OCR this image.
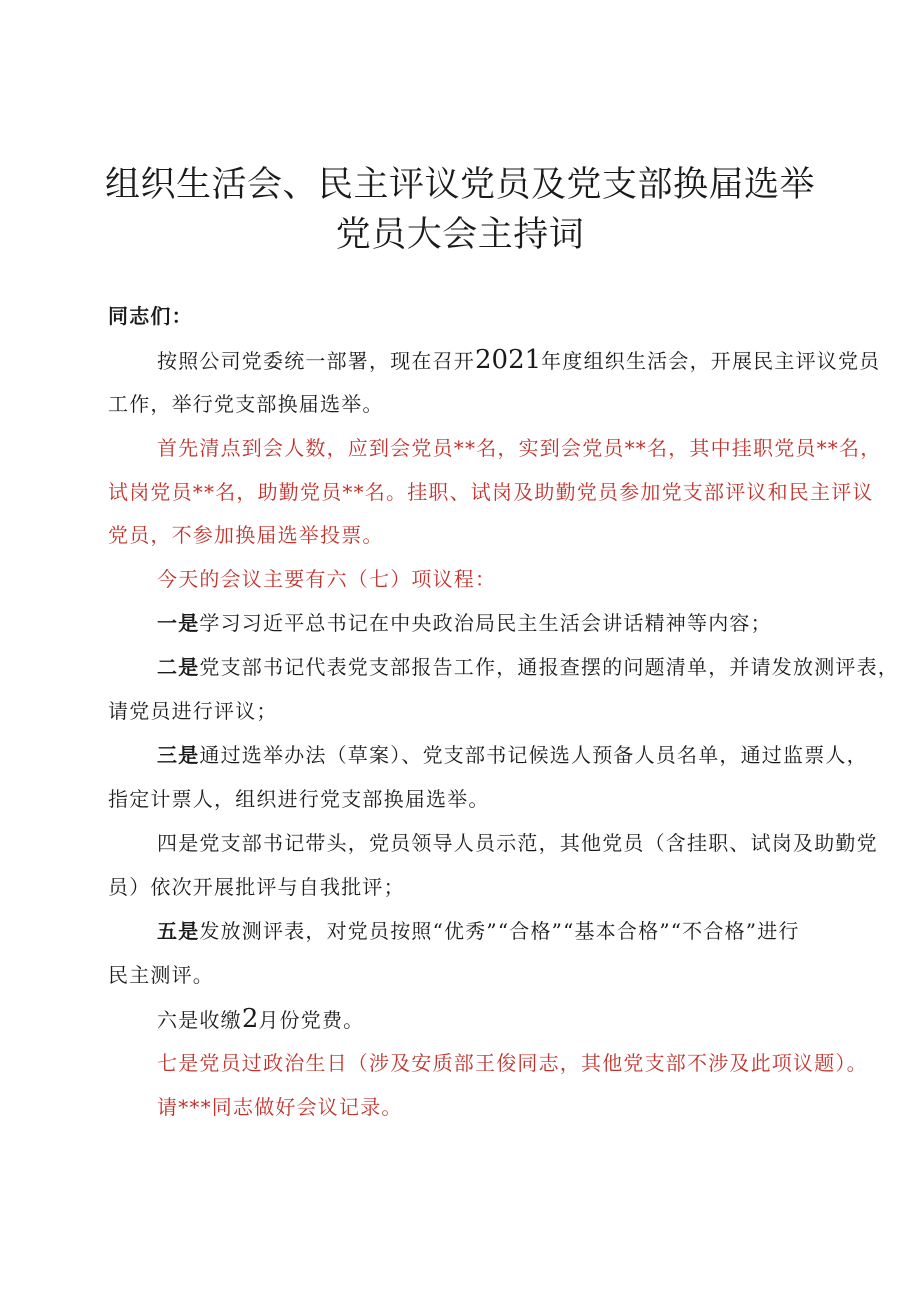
组织生活会、民主评议党员及党支部换届选举
党员大会主持词
同志们：
按照公司党委统一部署，现在召开2021年度组织生活会，开展民主评议党员
工作，举行党支部换届选举。
首先清点到会人数，应到会党员**名，实到会党员**名，其中挂职党员**名，
试岗党员**名，助勤党员**名。挂职、试岗及助勤党员参加党支部评议和民主评议
党员，不参加换届选举投票。
今天的会议主要有六（七）项议程：
一是学习习近平总书记在中央政治局民主生活会讲话精神等内容；
二是党支部书记代表党支部报告工作，通报查摆的问题清单，并请发放测评表，
请党员进行评议；
三是通过选举办法（草案）、党支部书记候选人预备人员名单，通过监票人，
指定计票人，组织进行党支部换届选举。
四是党支部书记带头，党员领导人员示范，其他党员（含挂职、试岗及助勤党
员）依次开展批评与自我批评；
五是发放测评表，对党员按照“优秀”“合格”“基本合格”“不合格”进行
民主测评。
六是收缴2月份党费。
七是党员过政治生日（涉及安质部王俊同志，其他党支部不涉及此项议题）。
请***同志做好会议记录。
